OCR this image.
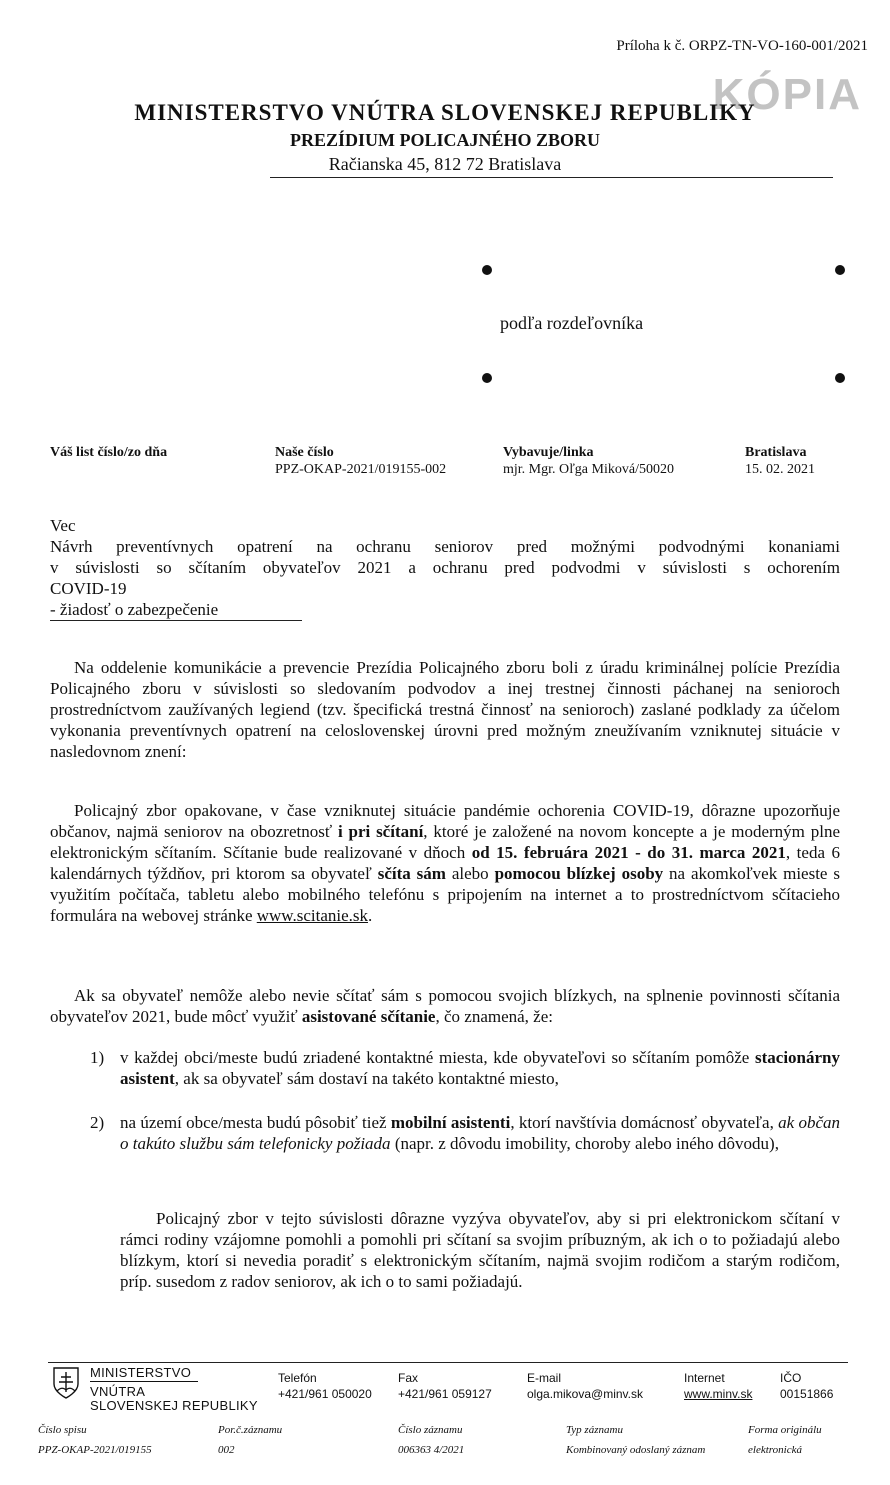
Príloha k č. ORPZ-TN-VO-160-001/2021
KÓPIA
MINISTERSTVO VNÚTRA SLOVENSKEJ REPUBLIKY
PREZÍDIUM POLICAJNÉHO ZBORU
Račianska 45, 812 72 Bratislava
podľa rozdeľovníka
Váš list číslo/zo dňa	Naše číslo
PPZ-OKAP-2021/019155-002
Vybavuje/linka
mjr. Mgr. Oľga Miková/50020
Bratislava
15. 02. 2021
Vec
Návrh preventívnych opatrení na ochranu seniorov pred možnými podvodnými konaniami
v súvislosti so sčítaním obyvateľov 2021 a ochranu pred podvodmi v súvislosti s ochorením
COVID-19
- žiadosť o zabezpečenie

Na oddelenie komunikácie a prevencie Prezídia Policajného zboru boli z úradu kriminálnej polície Prezídia Policajného zboru v súvislosti so sledovaním podvodov a inej trestnej činnosti páchanej na senioroch prostredníctvom zaužívaných legiend (tzv. špecifická trestná činnosť na senioroch) zaslané podklady za účelom vykonania preventívnych opatrení na celoslovenskej úrovni pred možným zneužívaním vzniknutej situácie v nasledovnom znení:

Policajný zbor opakovane, v čase vzniknutej situácie pandémie ochorenia COVID-19, dôrazne upozorňuje občanov, najmä seniorov na obozretnosť i pri sčítaní, ktoré je založené na novom koncepte a je moderným plne elektronickým sčítaním. Sčítanie bude realizované v dňoch od 15. februára 2021 - do 31. marca 2021, teda 6 kalendárnych týždňov, pri ktorom sa obyvateľ sčíta sám alebo pomocou blízkej osoby na akomkoľvek mieste s využitím počítača, tabletu alebo mobilného telefónu s pripojením na internet a to prostredníctvom sčítacieho formulára na webovej stránke www.scitanie.sk.

Ak sa obyvateľ nemôže alebo nevie sčítať sám s pomocou svojich blízkych, na splnenie povinnosti sčítania obyvateľov 2021, bude môcť využiť asistované sčítanie, čo znamená, že:

1) v každej obci/meste budú zriadené kontaktné miesta, kde obyvateľovi so sčítaním pomôže stacionárny asistent, ak sa obyvateľ sám dostaví na takéto kontaktné miesto,
2) na území obce/mesta budú pôsobiť tiež mobilní asistenti, ktorí navštívia domácnosť obyvateľa, ak občan o takúto službu sám telefonicky požiada (napr. z dôvodu imobility, choroby alebo iného dôvodu),

Policajný zbor v tejto súvislosti dôrazne vyzýva obyvateľov, aby si pri elektronickom sčítaní v rámci rodiny vzájomne pomohli a pomohli pri sčítaní sa svojim príbuzným, ak ich o to požiadajú alebo blízkym, ktorí si nevedia poradiť s elektronickým sčítaním, najmä svojim rodičom a starým rodičom, príp. susedom z radov seniorov, ak ich o to sami požiadajú.

MINISTERSTVO
VNÚTRA
SLOVENSKEJ REPUBLIKY
Telefón
+421/961 050020
Fax
+421/961 059127
E-mail
olga.mikova@minv.sk
Internet
www.minv.sk
IČO
00151866
Číslo spisu
PPZ-OKAP-2021/019155
Por.č.záznamu
002
Číslo záznamu
006363 4/2021
Typ záznamu
Kombinovaný odoslaný záznam
Forma originálu
elektronická
